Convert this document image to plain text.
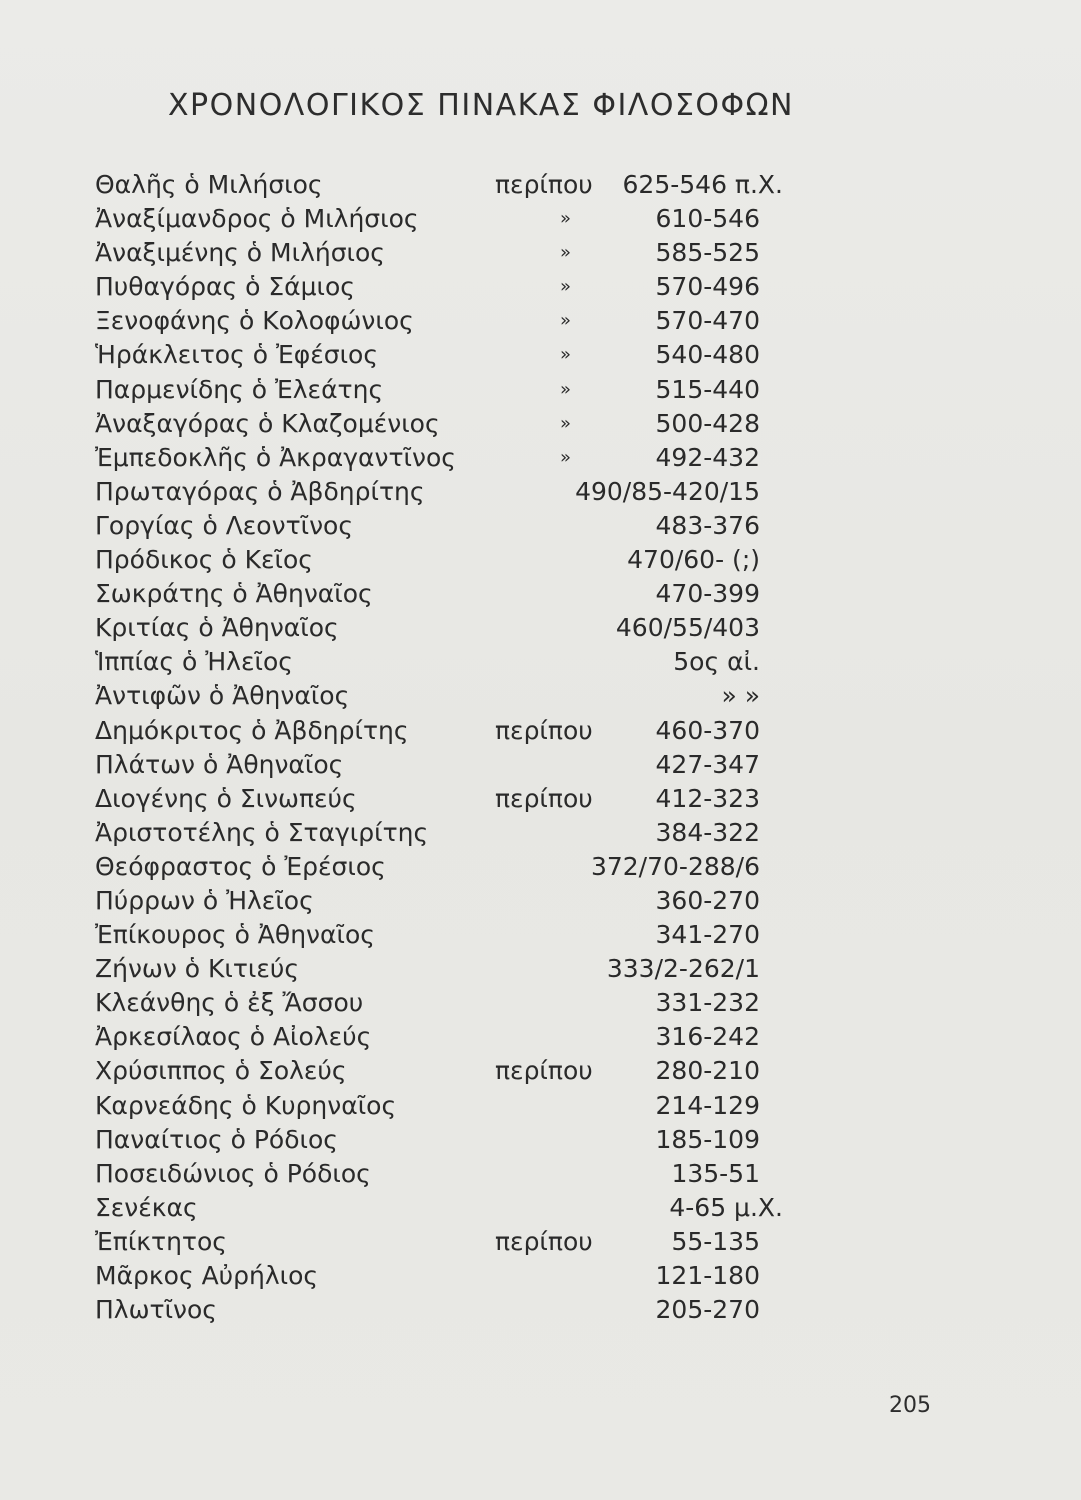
ΧΡΟΝΟΛΟΓΙΚΟΣ ΠΙΝΑΚΑΣ ΦΙΛΟΣΟΦΩΝ
Θαλῆς ὁ Μιλήσιος	περίπου	625-546 π.Χ.
Ἀναξίμανδρος ὁ Μιλήσιος	»	610-546
Ἀναξιμένης ὁ Μιλήσιος	»	585-525
Πυθαγόρας ὁ Σάμιος	»	570-496
Ξενοφάνης ὁ Κολοφώνιος	»	570-470
Ἡράκλειτος ὁ Ἐφέσιος	»	540-480
Παρμενίδης ὁ Ἐλεάτης	»	515-440
Ἀναξαγόρας ὁ Κλαζομένιος	»	500-428
Ἐμπεδοκλῆς ὁ Ἀκραγαντῖνος	»	492-432
Πρωταγόρας ὁ Ἀβδηρίτης	490/85-420/15
Γοργίας ὁ Λεοντῖνος	483-376
Πρόδικος ὁ Κεῖος	470/60- (;)
Σωκράτης ὁ Ἀθηναῖος	470-399
Κριτίας ὁ Ἀθηναῖος	460/55/403
Ἱππίας ὁ Ἠλεῖος	5ος αἰ.
Ἀντιφῶν ὁ Ἀθηναῖος	» »
Δημόκριτος ὁ Ἀβδηρίτης	περίπου	460-370
Πλάτων ὁ Ἀθηναῖος	427-347
Διογένης ὁ Σινωπεύς	περίπου	412-323
Ἀριστοτέλης ὁ Σταγιρίτης	384-322
Θεόφραστος ὁ Ἐρέσιος	372/70-288/6
Πύρρων ὁ Ἠλεῖος	360-270
Ἐπίκουρος ὁ Ἀθηναῖος	341-270
Ζήνων ὁ Κιτιεύς	333/2-262/1
Κλεάνθης ὁ ἐξ Ἄσσου	331-232
Ἀρκεσίλαος ὁ Αἰολεύς	316-242
Χρύσιππος ὁ Σολεύς	περίπου	280-210
Καρνεάδης ὁ Κυρηναῖος	214-129
Παναίτιος ὁ Ρόδιος	185-109
Ποσειδώνιος ὁ Ρόδιος	135-51
Σενέκας	4-65 μ.Χ.
Ἐπίκτητος	περίπου	55-135
Μᾶρκος Αὐρήλιος	121-180
Πλωτῖνος	205-270
205
